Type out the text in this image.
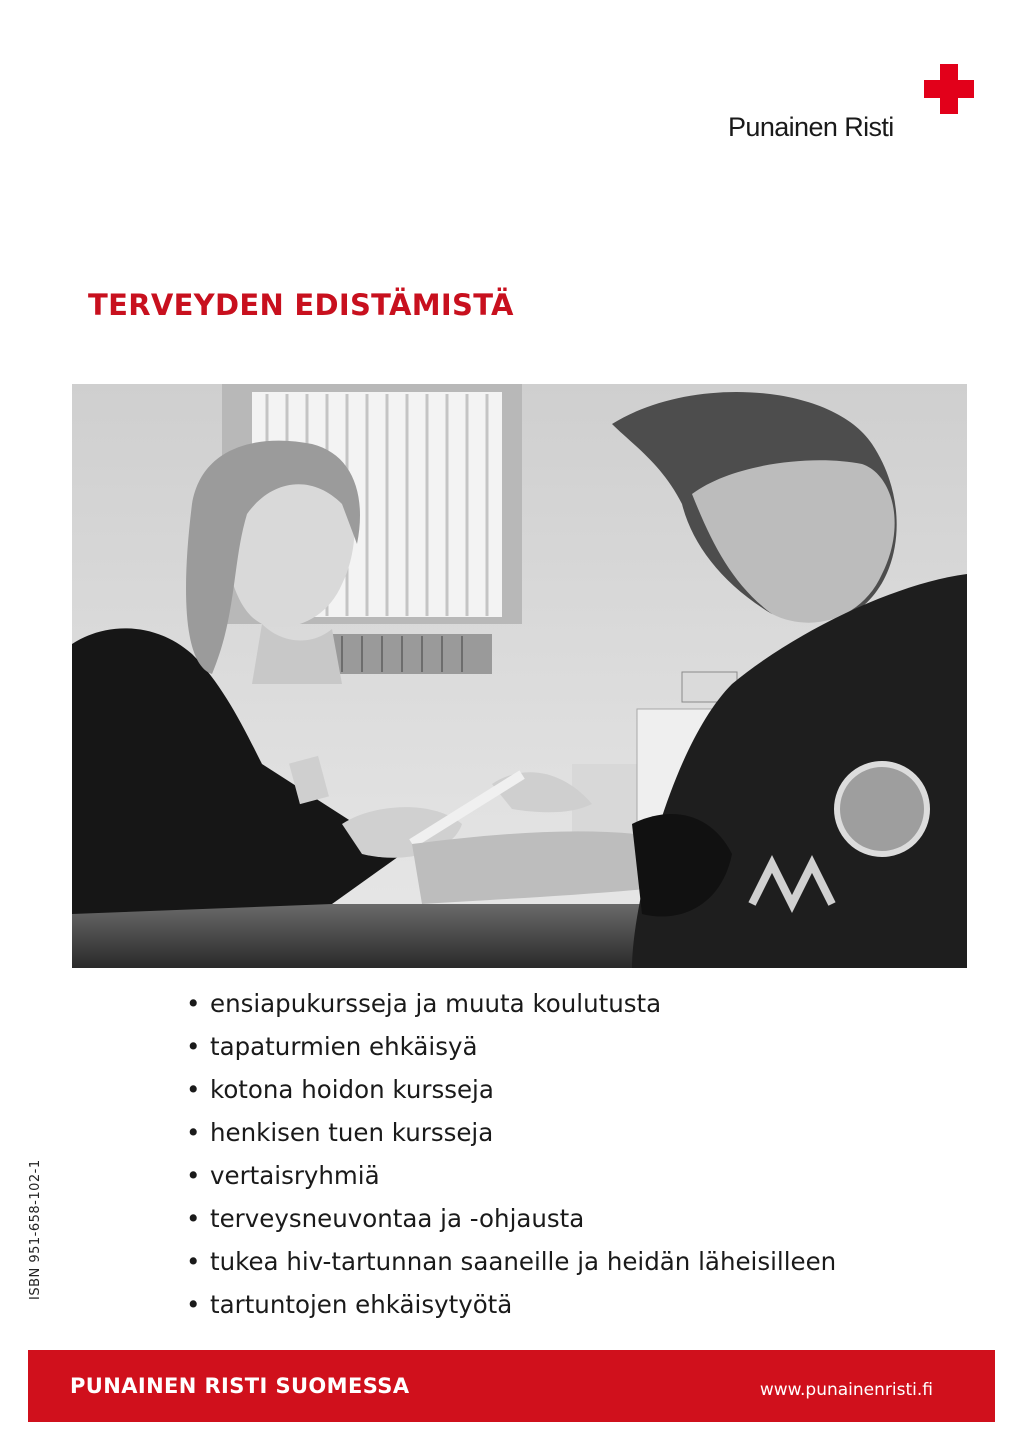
Punainen Risti
TERVEYDEN EDISTÄMISTÄ
• ensiapukursseja ja muuta koulutusta
• tapaturmien ehkäisyä
• kotona hoidon kursseja
• henkisen tuen kursseja
• vertaisryhmiä
• terveysneuvontaa ja -ohjausta
• tukea hiv-tartunnan saaneille ja heidän läheisilleen
• tartuntojen ehkäisytyötä
ISBN 951-658-102-1
PUNAINEN RISTI SUOMESSA	www.punainenristi.fi
